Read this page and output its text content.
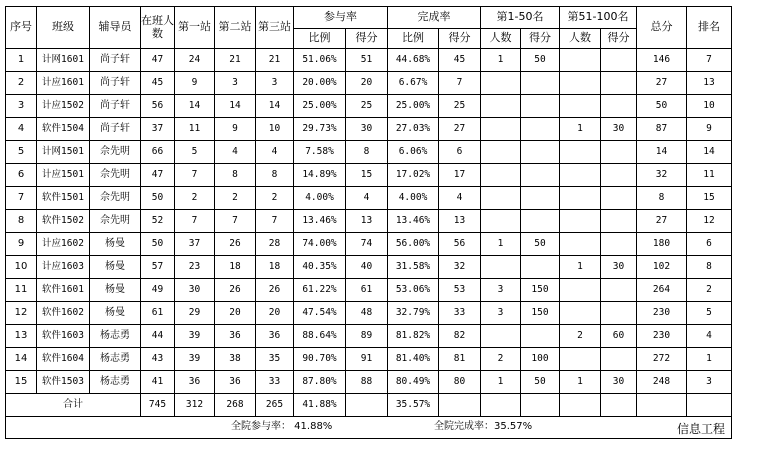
序号	班级	辅导员	在班人数	第一站	第二站	第三站	参与率		完成率		第1-50名		第51-100名		总分	排名
							比例	得分	比例	得分	人数	得分	人数	得分		
1	计网1601	尚子轩	47	24	21	21	51.06%	51	44.68%	45	1	50			146	7
2	计应1601	尚子轩	45	9	3	3	20.00%	20	6.67%	7					27	13
3	计应1502	尚子轩	56	14	14	14	25.00%	25	25.00%	25					50	10
4	软件1504	尚子轩	37	11	9	10	29.73%	30	27.03%	27			1	30	87	9
5	计网1501	佘先明	66	5	4	4	7.58%	8	6.06%	6					14	14
6	计应1501	佘先明	47	7	8	8	14.89%	15	17.02%	17					32	11
7	软件1501	佘先明	50	2	2	2	4.00%	4	4.00%	4					8	15
8	软件1502	佘先明	52	7	7	7	13.46%	13	13.46%	13					27	12
9	计应1602	杨曼	50	37	26	28	74.00%	74	56.00%	56	1	50			180	6
10	计应1603	杨曼	57	23	18	18	40.35%	40	31.58%	32			1	30	102	8
11	软件1601	杨曼	49	30	26	26	61.22%	61	53.06%	53	3	150			264	2
12	软件1602	杨曼	61	29	20	20	47.54%	48	32.79%	33	3	150			230	5
13	软件1603	杨志勇	44	39	36	36	88.64%	89	81.82%	82			2	60	230	4
14	软件1604	杨志勇	43	39	38	35	90.70%	91	81.40%	81	2	100			272	1
15	软件1503	杨志勇	41	36	36	33	87.80%	88	80.49%	80	1	50	1	30	248	3
合计			745	312	268	265	41.88%		35.57%							

全院参与率： 41.88% 全院完成率：35.57% 信息工程																
